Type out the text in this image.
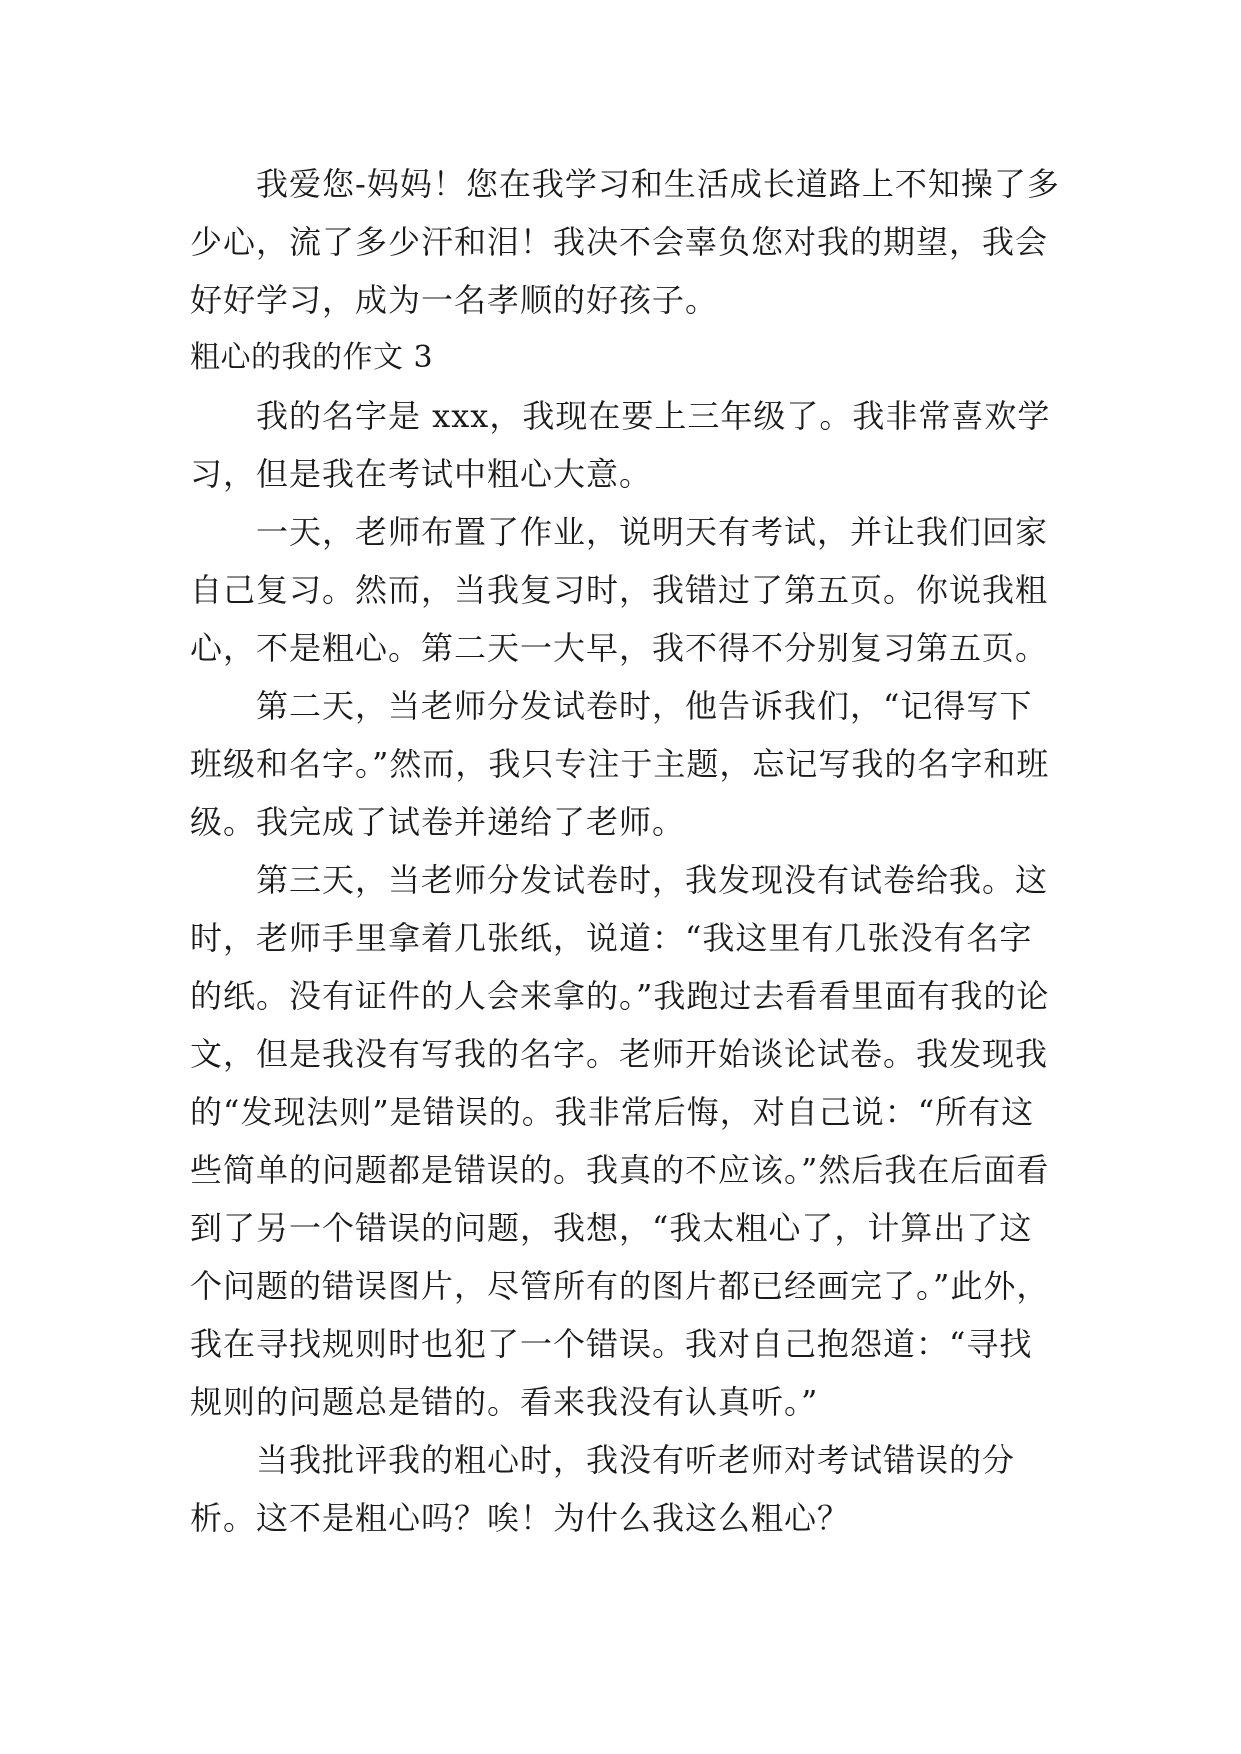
我爱您-妈妈！您在我学习和生活成长道路上不知操了多少心，流了多少汗和泪！我决不会辜负您对我的期望，我会好好学习，成为一名孝顺的好孩子。

粗心的我的作文 3

我的名字是 xxx，我现在要上三年级了。我非常喜欢学习，但是我在考试中粗心大意。

一天，老师布置了作业，说明天有考试，并让我们回家自己复习。然而，当我复习时，我错过了第五页。你说我粗心，不是粗心。第二天一大早，我不得不分别复习第五页。

第二天，当老师分发试卷时，他告诉我们，“记得写下班级和名字。”然而，我只专注于主题，忘记写我的名字和班级。我完成了试卷并递给了老师。

第三天，当老师分发试卷时，我发现没有试卷给我。这时，老师手里拿着几张纸，说道：“我这里有几张没有名字的纸。没有证件的人会来拿的。”我跑过去看看里面有我的论文，但是我没有写我的名字。老师开始谈论试卷。我发现我的“发现法则”是错误的。我非常后悔，对自己说：“所有这些简单的问题都是错误的。我真的不应该。”然后我在后面看到了另一个错误的问题，我想，“我太粗心了，计算出了这个问题的错误图片，尽管所有的图片都已经画完了。”此外，我在寻找规则时也犯了一个错误。我对自己抱怨道：“寻找规则的问题总是错的。看来我没有认真听。”

当我批评我的粗心时，我没有听老师对考试错误的分析。这不是粗心吗？唉！为什么我这么粗心？
